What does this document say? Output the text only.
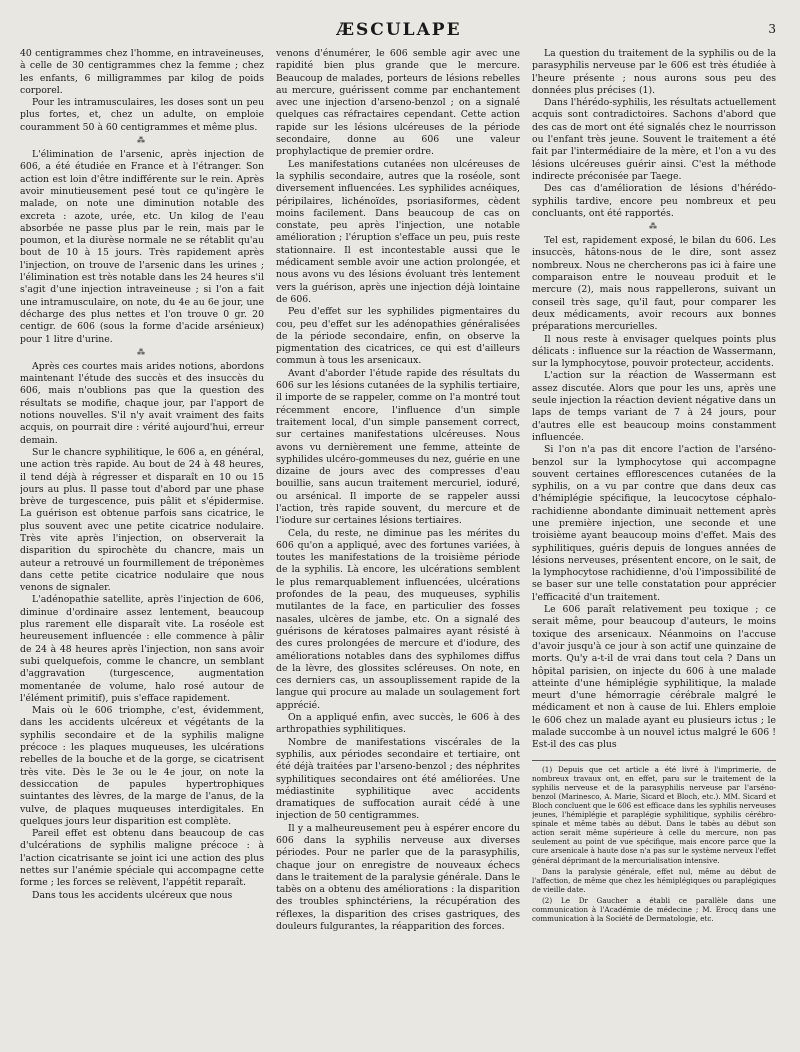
ÆSCULAPE	3

40 centigrammes chez l'homme, en intraveineuses, à celle de 30 centigrammes chez la femme ; chez les enfants, 6 milligrammes par kilog de poids corporel.

Pour les intramusculaires, les doses sont un peu plus fortes, et, chez un adulte, on emploie couramment 50 à 60 centigrammes et même plus.

⁂

L'élimination de l'arsenic, après injection de 606, a été étudiée en France et à l'étranger. Son action est loin d'être indifférente sur le rein. Après avoir minutieusement pesé tout ce qu'ingère le malade, on note une diminution notable des excreta : azote, urée, etc. Un kilog de l'eau absorbée ne passe plus par le rein, mais par le poumon, et la diurèse normale ne se rétablit qu'au bout de 10 à 15 jours. Très rapidement après l'injection, on trouve de l'arsenic dans les urines ; l'élimination est très notable dans les 24 heures s'il s'agit d'une injection intraveineuse ; si l'on a fait une intramusculaire, on note, du 4e au 6e jour, une décharge des plus nettes et l'on trouve 0 gr. 20 centigr. de 606 (sous la forme d'acide arsénieux) pour 1 litre d'urine.

⁂

Après ces courtes mais arides notions, abordons maintenant l'étude des succès et des insuccès du 606, mais n'oublions pas que la question des résultats se modifie, chaque jour, par l'apport de notions nouvelles. S'il n'y avait vraiment des faits acquis, on pourrait dire : vérité aujourd'hui, erreur demain.

Sur le chancre syphilitique, le 606 a, en général, une action très rapide. Au bout de 24 à 48 heures, il tend déjà à régresser et disparaît en 10 ou 15 jours au plus. Il passe tout d'abord par une phase brève de turgescence, puis pâlit et s'épidermise. La guérison est obtenue parfois sans cicatrice, le plus souvent avec une petite cicatrice nodulaire. Très vite après l'injection, on observerait la disparition du spirochète du chancre, mais un auteur a retrouvé un fourmillement de tréponèmes dans cette petite cicatrice nodulaire que nous venons de signaler.

L'adénopathie satellite, après l'injection de 606, diminue d'ordinaire assez lentement, beaucoup plus rarement elle disparaît vite. La roséole est heureusement influencée : elle commence à pâlir de 24 à 48 heures après l'injection, non sans avoir subi quelquefois, comme le chancre, un semblant d'aggravation (turgescence, augmentation momentanée de volume, halo rosé autour de l'élément primitif), puis s'efface rapidement.

Mais où le 606 triomphe, c'est, évidemment, dans les accidents ulcéreux et végétants de la syphilis secondaire et de la syphilis maligne précoce : les plaques muqueuses, les ulcérations rebelles de la bouche et de la gorge, se cicatrisent très vite. Dès le 3e ou le 4e jour, on note la dessiccation de papules hypertrophiques suintantes des lèvres, de la marge de l'anus, de la vulve, de plaques muqueuses interdigitales. En quelques jours leur disparition est complète.

Pareil effet est obtenu dans beaucoup de cas d'ulcérations de syphilis maligne précoce : à l'action cicatrisante se joint ici une action des plus nettes sur l'anémie spéciale qui accompagne cette forme ; les forces se relèvent, l'appétit reparaît.

Dans tous les accidents ulcéreux que nous

venons d'énumérer, le 606 semble agir avec une rapidité bien plus grande que le mercure. Beaucoup de malades, porteurs de lésions rebelles au mercure, guérissent comme par enchantement avec une injection d'arseno-benzol ; on a signalé quelques cas réfractaires cependant. Cette action rapide sur les lésions ulcéreuses de la période secondaire, donne au 606 une valeur prophylactique de premier ordre.

Les manifestations cutanées non ulcéreuses de la syphilis secondaire, autres que la roséole, sont diversement influencées. Les syphilides acnéiques, péripilaires, lichénoïdes, psoriasiformes, cèdent moins facilement. Dans beaucoup de cas on constate, peu après l'injection, une notable amélioration ; l'éruption s'efface un peu, puis reste stationnaire. Il est incontestable aussi que le médicament semble avoir une action prolongée, et nous avons vu des lésions évoluant très lentement vers la guérison, après une injection déjà lointaine de 606.

Peu d'effet sur les syphilides pigmentaires du cou, peu d'effet sur les adénopathies généralisées de la période secondaire, enfin, on observe la pigmentation des cicatrices, ce qui est d'ailleurs commun à tous les arsenicaux.

Avant d'aborder l'étude rapide des résultats du 606 sur les lésions cutanées de la syphilis tertiaire, il importe de se rappeler, comme on l'a montré tout récemment encore, l'influence d'un simple traitement local, d'un simple pansement correct, sur certaines manifestations ulcéreuses. Nous avons vu dernièrement une femme, atteinte de syphilides ulcéro-gommeuses du nez, guérie en une dizaine de jours avec des compresses d'eau bouillie, sans aucun traitement mercuriel, ioduré, ou arsénical. Il importe de se rappeler aussi l'action, très rapide souvent, du mercure et de l'iodure sur certaines lésions tertiaires.

Cela, du reste, ne diminue pas les mérites du 606 qu'on a appliqué, avec des fortunes variées, à toutes les manifestations de la troisième période de la syphilis. Là encore, les ulcérations semblent le plus remarquablement influencées, ulcérations profondes de la peau, des muqueuses, syphilis mutilantes de la face, en particulier des fosses nasales, ulcères de jambe, etc. On a signalé des guérisons de kératoses palmaires ayant résisté à des cures prolongées de mercure et d'iodure, des améliorations notables dans des syphilomes diffus de la lèvre, des glossites scléreuses. On note, en ces derniers cas, un assouplissement rapide de la langue qui procure au malade un soulagement fort apprécié.

On a appliqué enfin, avec succès, le 606 à des arthropathies syphilitiques.

Nombre de manifestations viscérales de la syphilis, aux périodes secondaire et tertiaire, ont été déjà traitées par l'arseno-benzol ; des néphrites syphilitiques secondaires ont été améliorées. Une médiastinite syphilitique avec accidents dramatiques de suffocation aurait cédé à une injection de 50 centigrammes.

Il y a malheureusement peu à espérer encore du 606 dans la syphilis nerveuse aux diverses périodes. Pour ne parler que de la parasyphilis, chaque jour on enregistre de nouveaux échecs dans le traitement de la paralysie générale. Dans le tabès on a obtenu des améliorations : la disparition des troubles sphinctériens, la récupération des réflexes, la disparition des crises gastriques, des douleurs fulgurantes, la réapparition des forces.

La question du traitement de la syphilis ou de la parasyphilis nerveuse par le 606 est très étudiée à l'heure présente ; nous aurons sous peu des données plus précises (1).

Dans l'hérédo-syphilis, les résultats actuellement acquis sont contradictoires. Sachons d'abord que des cas de mort ont été signalés chez le nourrisson ou l'enfant très jeune. Souvent le traitement a été fait par l'intermédiaire de la mère, et l'on a vu des lésions ulcéreuses guérir ainsi. C'est la méthode indirecte préconisée par Taege.

Des cas d'amélioration de lésions d'hérédo-syphilis tardive, encore peu nombreux et peu concluants, ont été rapportés.

⁂

Tel est, rapidement exposé, le bilan du 606. Les insuccès, hâtons-nous de le dire, sont assez nombreux. Nous ne chercherons pas ici à faire une comparaison entre le nouveau produit et le mercure (2), mais nous rappellerons, suivant un conseil très sage, qu'il faut, pour comparer les deux médicaments, avoir recours aux bonnes préparations mercurielles.

Il nous reste à envisager quelques points plus délicats : influence sur la réaction de Wassermann, sur la lymphocytose, pouvoir protecteur, accidents.

L'action sur la réaction de Wassermann est assez discutée. Alors que pour les uns, après une seule injection la réaction devient négative dans un laps de temps variant de 7 à 24 jours, pour d'autres elle est beaucoup moins constamment influencée.

Si l'on n'a pas dit encore l'action de l'arséno-benzol sur la lymphocytose qui accompagne souvent certaines efflorescences cutanées de la syphilis, on a vu par contre que dans deux cas d'hémiplégie spécifique, la leucocytose céphalo-rachidienne abondante diminuait nettement après une première injection, une seconde et une troisième ayant beaucoup moins d'effet. Mais des syphilitiques, guéris depuis de longues années de lésions nerveuses, présentent encore, on le sait, de la lymphocytose rachidienne, d'où l'impossibilité de se baser sur une telle constatation pour apprécier l'efficacité d'un traitement.

Le 606 paraît relativement peu toxique ; ce serait même, pour beaucoup d'auteurs, le moins toxique des arsenicaux. Néanmoins on l'accuse d'avoir jusqu'à ce jour à son actif une quinzaine de morts. Qu'y a-t-il de vrai dans tout cela ? Dans un hôpital parisien, on injecte du 606 à une malade atteinte d'une hémiplégie syphilitique, la malade meurt d'une hémorragie cérébrale malgré le médicament et non à cause de lui. Ehlers emploie le 606 chez un malade ayant eu plusieurs ictus ; le malade succombe à un nouvel ictus malgré le 606 ! Est-il des cas plus

(1) Depuis que cet article a été livré à l'imprimerie, de nombreux travaux ont, en effet, paru sur le traitement de la syphilis nerveuse et de la parasyphilis nerveuse par l'arséno-benzol (Marinesco, A. Marie, Sicard et Bloch, etc.). MM. Sicard et Bloch concluent que le 606 est efficace dans les syphilis nerveuses jeunes, l'hémiplégie et paraplégie syphilitique, syphilis cérébro-spinale et même tabès au début. Dans le tabès au début son action serait même supérieure à celle du mercure, non pas seulement au point de vue spécifique, mais encore parce que la cure arsenicale à haute dose n'a pas sur le système nerveux l'effet général déprimant de la mercurialisation intensive.

Dans la paralysie générale, effet nul, même au début de l'affection, de même que chez les hémiplégiques ou paraplégiques de vieille date.

(2) Le Dr Gaucher a établi ce parallèle dans une communication à l'Académie de médecine ; M. Erocq dans une communication à la Société de Dermatologie, etc.
